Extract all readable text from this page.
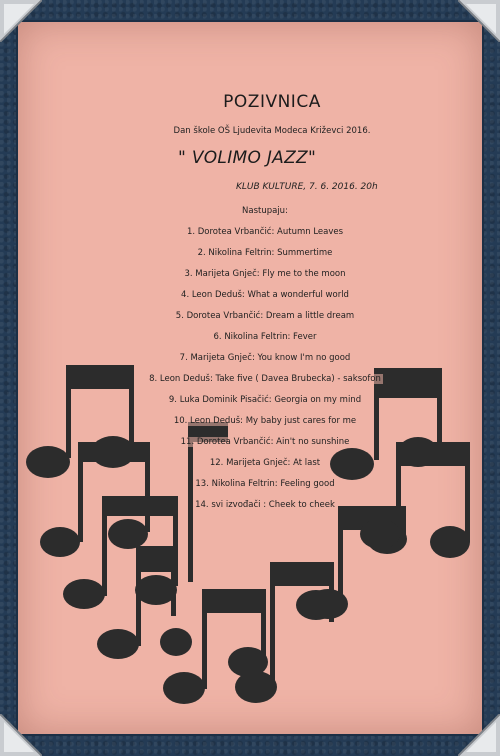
POZIVNICA
Dan škole OŠ Ljudevita Modeca Križevci 2016.
" VOLIMO JAZZ"
KLUB KULTURE, 7. 6. 2016. 20h
Nastupaju:
1. Dorotea Vrbančić: Autumn Leaves
2. Nikolina Feltrin: Summertime
3. Marijeta Gnječ: Fly me to the moon
4. Leon Deduš: What a wonderful world
5. Dorotea Vrbančić: Dream a little dream
6. Nikolina Feltrin: Fever
7. Marijeta Gnječ: You know I'm no good
8. Leon Deduš: Take five ( Davea Brubecka) - saksofon
9. Luka Dominik Pisačić: Georgia on my mind
10. Leon Deduš: My baby just cares for me
11. Dorotea Vrbančić: Ain't no sunshine
12. Marijeta Gnječ: At last
13. Nikolina Feltrin: Feeling good
14. svi izvođači : Cheek to cheek
